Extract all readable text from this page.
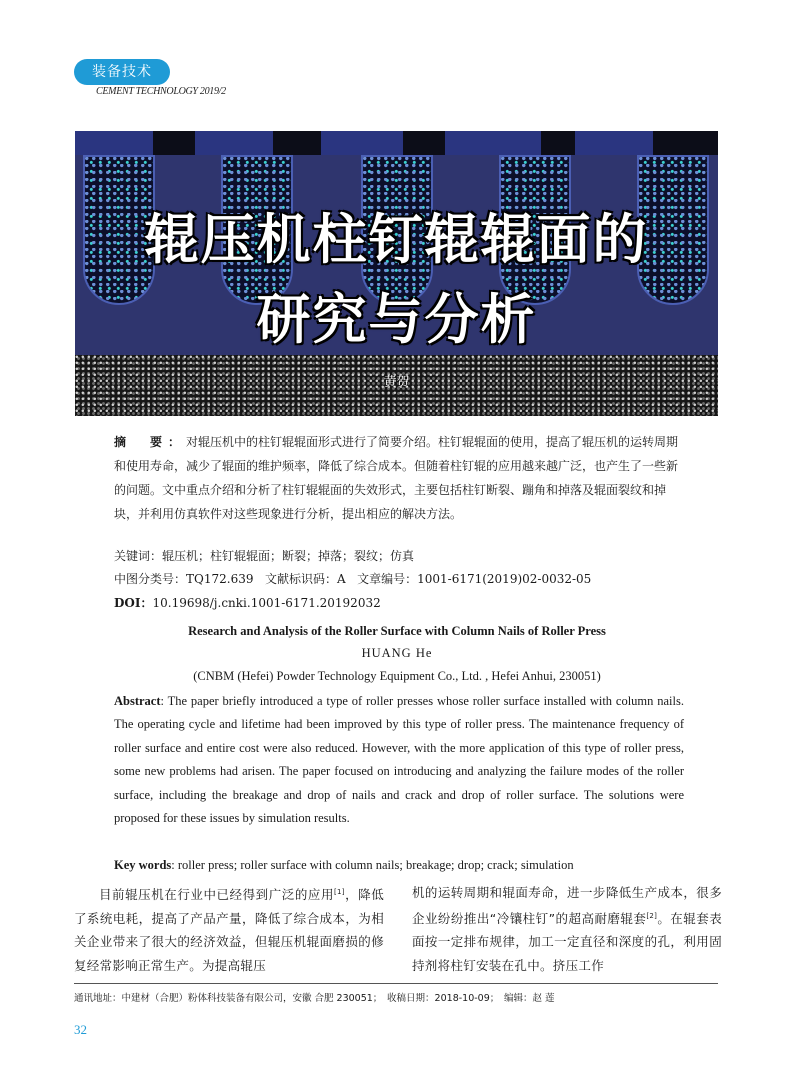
装备技术
CEMENT TECHNOLOGY 2019/2
辊压机柱钉辊辊面的
研究与分析
黄贺
摘　要：对辊压机中的柱钉辊辊面形式进行了简要介绍。柱钉辊辊面的使用，提高了辊压机的运转周期和使用寿命，减少了辊面的维护频率，降低了综合成本。但随着柱钉辊的应用越来越广泛，也产生了一些新的问题。文中重点介绍和分析了柱钉辊辊面的失效形式，主要包括柱钉断裂、蹦角和掉落及辊面裂纹和掉块，并利用仿真软件对这些现象进行分析，提出相应的解决方法。
关键词：辊压机；柱钉辊辊面；断裂；掉落；裂纹；仿真
中图分类号：TQ172.639 文献标识码：A 文章编号：1001-6171(2019)02-0032-05
DOI：10.19698/j.cnki.1001-6171.20192032
Research and Analysis of the Roller Surface with Column Nails of Roller Press
HUANG He
(CNBM (Hefei) Powder Technology Equipment Co., Ltd. , Hefei Anhui, 230051)
Abstract: The paper briefly introduced a type of roller presses whose roller surface installed with column nails. The operating cycle and lifetime had been improved by this type of roller press. The maintenance frequency of roller surface and entire cost were also reduced. However, with the more application of this type of roller press, some new problems had arisen. The paper focused on introducing and analyzing the failure modes of the roller surface, including the breakage and drop of nails and crack and drop of roller surface. The solutions were proposed for these issues by simulation results.
Key words: roller press; roller surface with column nails; breakage; drop; crack; simulation
目前辊压机在行业中已经得到广泛的应用[1]，降低了系统电耗，提高了产品产量，降低了综合成本，为相关企业带来了很大的经济效益，但辊压机辊面磨损的修复经常影响正常生产。为提高辊压
机的运转周期和辊面寿命，进一步降低生产成本，很多企业纷纷推出“冷镶柱钉”的超高耐磨辊套[2]。在辊套表面按一定排布规律，加工一定直径和深度的孔，利用固持剂将柱钉安装在孔中。挤压工作
通讯地址：中建材（合肥）粉体科技装备有限公司，安徽 合肥 230051；　收稿日期：2018-10-09；　编辑：赵 莲
32
